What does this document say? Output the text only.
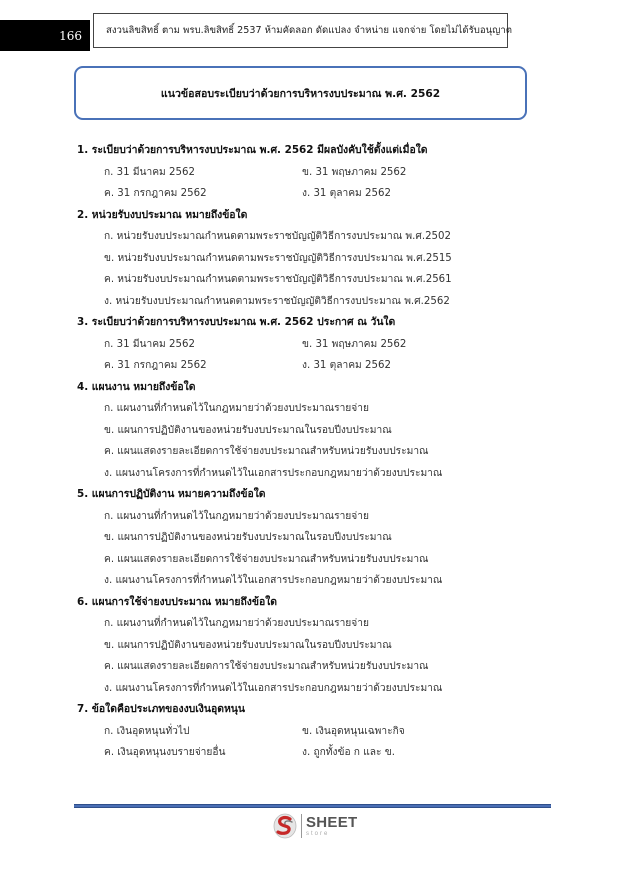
166	สงวนลิขสิทธิ์ ตาม พรบ.ลิขสิทธิ์ 2537 ห้ามคัดลอก ดัดแปลง จำหน่าย แจกจ่าย โดยไม่ได้รับอนุญาต
แนวข้อสอบระเบียบว่าด้วยการบริหารงบประมาณ พ.ศ. 2562
1. ระเบียบว่าด้วยการบริหารงบประมาณ พ.ศ. 2562 มีผลบังคับใช้ตั้งแต่เมื่อใด
ก. 31 มีนาคม 2562	ข. 31 พฤษภาคม 2562
ค. 31 กรกฎาคม 2562	ง. 31 ตุลาคม 2562
2. หน่วยรับงบประมาณ หมายถึงข้อใด
ก. หน่วยรับงบประมาณกำหนดตามพระราชบัญญัติวิธีการงบประมาณ พ.ศ.2502
ข. หน่วยรับงบประมาณกำหนดตามพระราชบัญญัติวิธีการงบประมาณ พ.ศ.2515
ค. หน่วยรับงบประมาณกำหนดตามพระราชบัญญัติวิธีการงบประมาณ พ.ศ.2561
ง. หน่วยรับงบประมาณกำหนดตามพระราชบัญญัติวิธีการงบประมาณ พ.ศ.2562
3. ระเบียบว่าด้วยการบริหารงบประมาณ พ.ศ. 2562 ประกาศ ณ วันใด
ก. 31 มีนาคม 2562	ข. 31 พฤษภาคม 2562
ค. 31 กรกฎาคม 2562	ง. 31 ตุลาคม 2562
4. แผนงาน หมายถึงข้อใด
ก. แผนงานที่กำหนดไว้ในกฎหมายว่าด้วยงบประมาณรายจ่าย
ข. แผนการปฏิบัติงานของหน่วยรับงบประมาณในรอบปีงบประมาณ
ค. แผนแสดงรายละเอียดการใช้จ่ายงบประมาณสำหรับหน่วยรับงบประมาณ
ง. แผนงานโครงการที่กำหนดไว้ในเอกสารประกอบกฎหมายว่าด้วยงบประมาณ
5. แผนการปฏิบัติงาน หมายความถึงข้อใด
ก. แผนงานที่กำหนดไว้ในกฎหมายว่าด้วยงบประมาณรายจ่าย
ข. แผนการปฏิบัติงานของหน่วยรับงบประมาณในรอบปีงบประมาณ
ค. แผนแสดงรายละเอียดการใช้จ่ายงบประมาณสำหรับหน่วยรับงบประมาณ
ง. แผนงานโครงการที่กำหนดไว้ในเอกสารประกอบกฎหมายว่าด้วยงบประมาณ
6. แผนการใช้จ่ายงบประมาณ หมายถึงข้อใด
ก. แผนงานที่กำหนดไว้ในกฎหมายว่าด้วยงบประมาณรายจ่าย
ข. แผนการปฏิบัติงานของหน่วยรับงบประมาณในรอบปีงบประมาณ
ค. แผนแสดงรายละเอียดการใช้จ่ายงบประมาณสำหรับหน่วยรับงบประมาณ
ง. แผนงานโครงการที่กำหนดไว้ในเอกสารประกอบกฎหมายว่าด้วยงบประมาณ
7. ข้อใดคือประเภทของงบเงินอุดหนุน
ก. เงินอุดหนุนทั่วไป	ข. เงินอุดหนุนเฉพาะกิจ
ค. เงินอุดหนุนงบรายจ่ายอื่น	ง. ถูกทั้งข้อ ก และ ข.
SHEET
store
